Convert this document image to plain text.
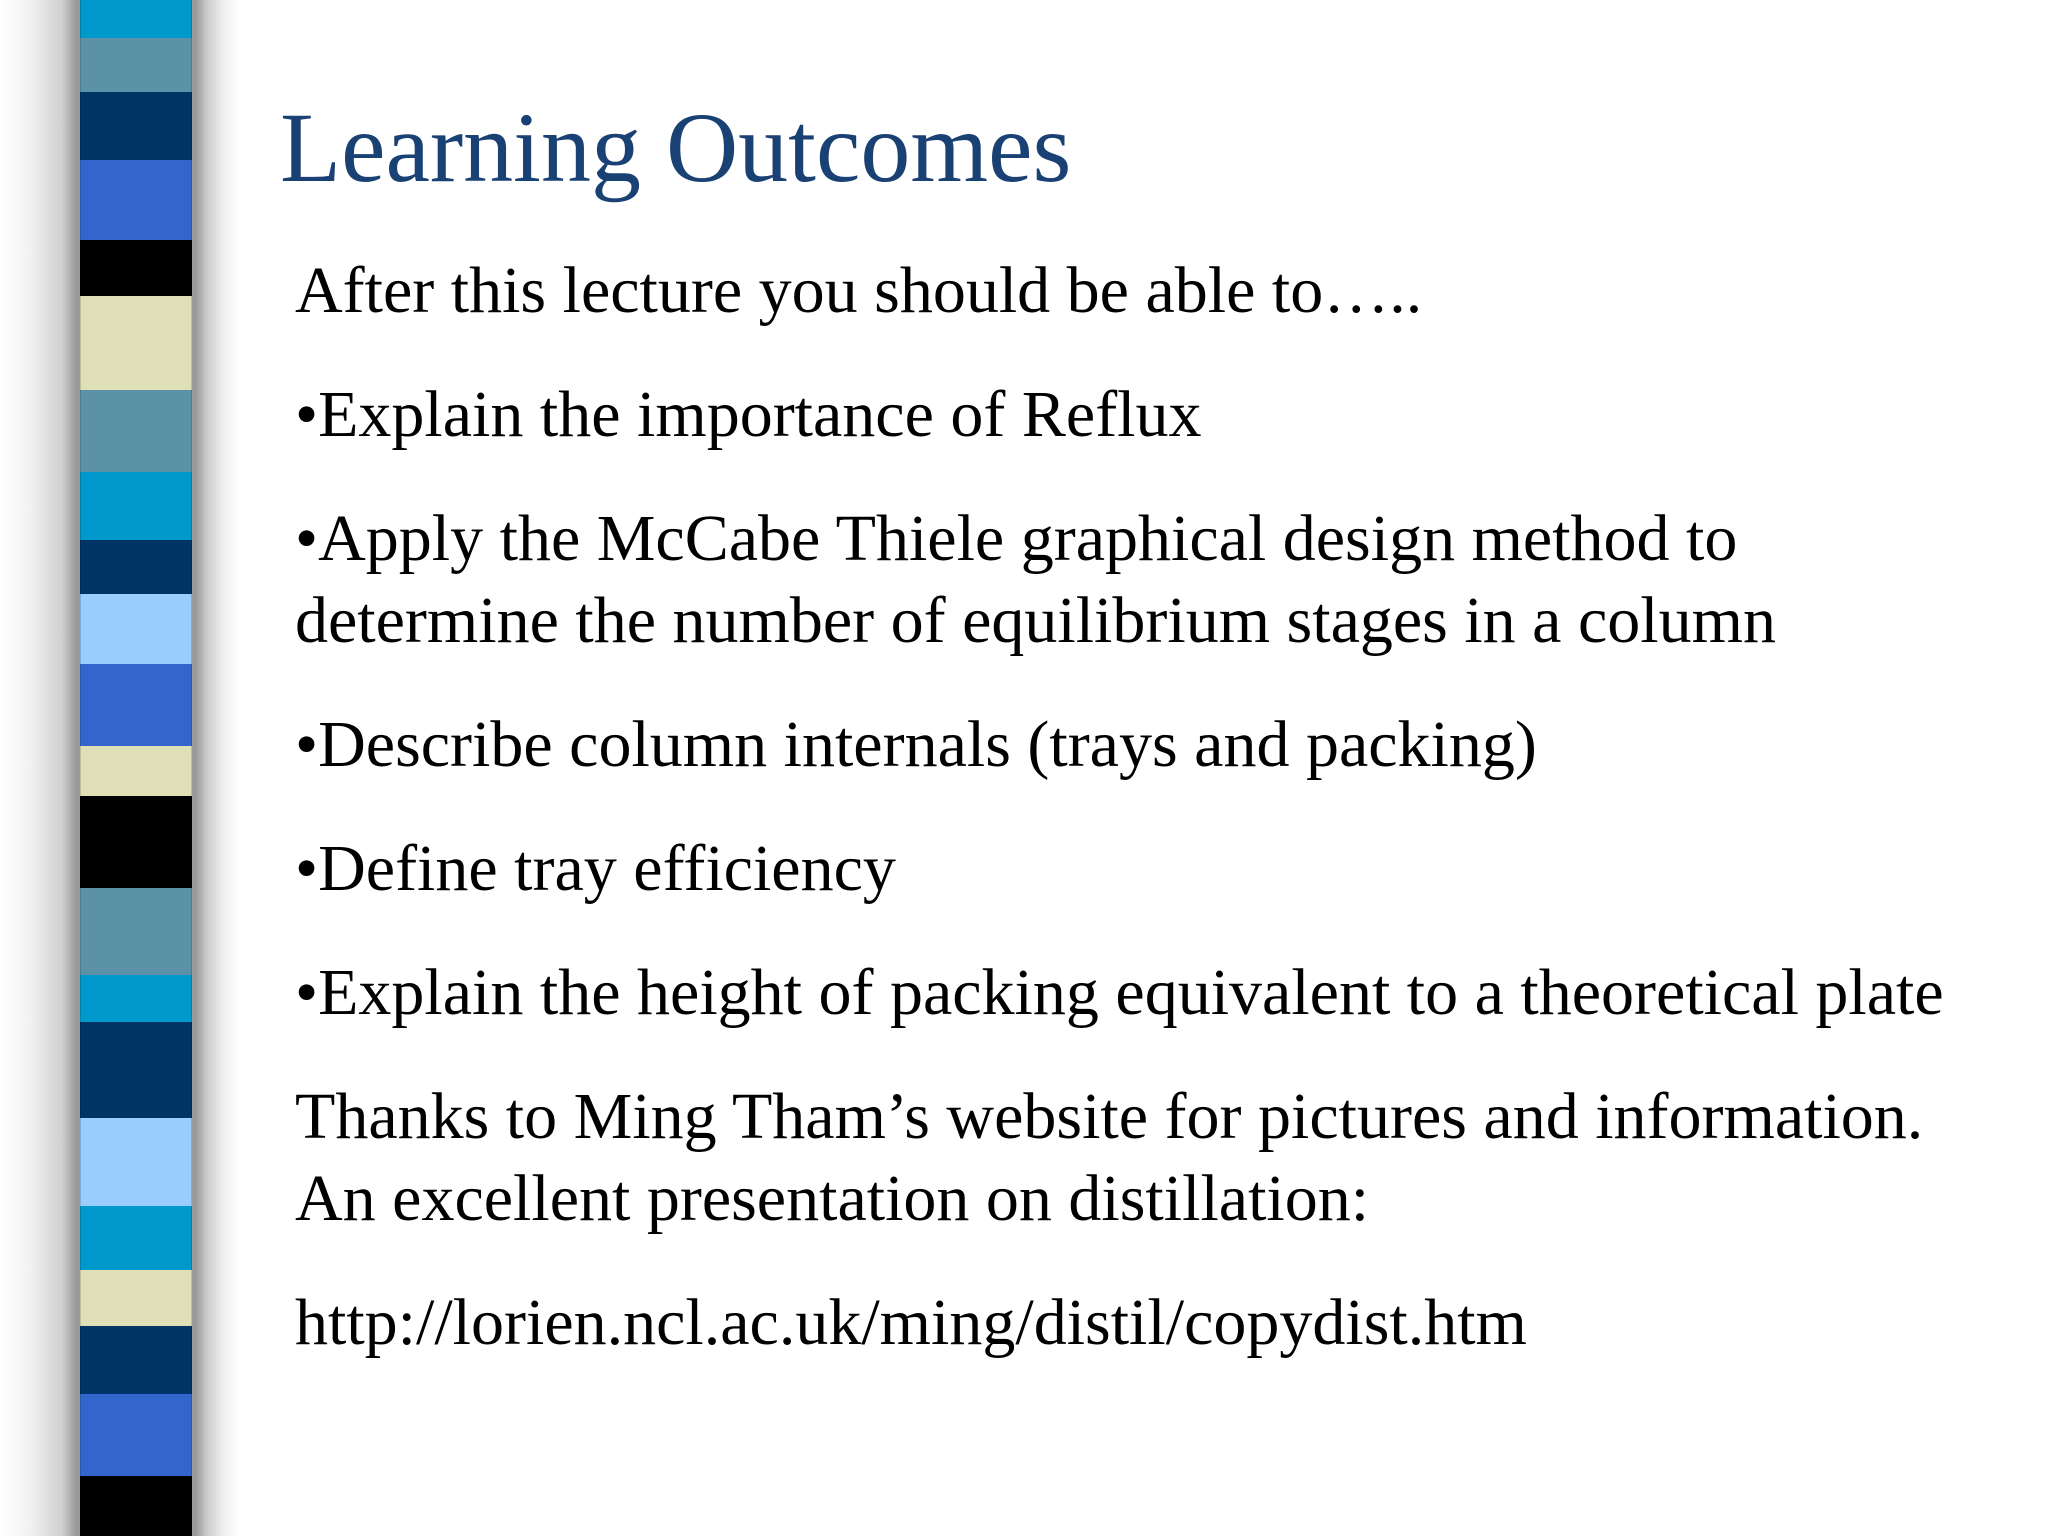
Learning Outcomes

After this lecture you should be able to…..

• Explain the importance of Reflux

• Apply the McCabe Thiele graphical design method to determine the number of equilibrium stages in a column

• Describe column internals (trays and packing)

• Define tray efficiency

• Explain the height of packing equivalent to a theoretical plate

Thanks to Ming Tham’s website for pictures and information. An excellent presentation on distillation:

http://lorien.ncl.ac.uk/ming/distil/copydist.htm
